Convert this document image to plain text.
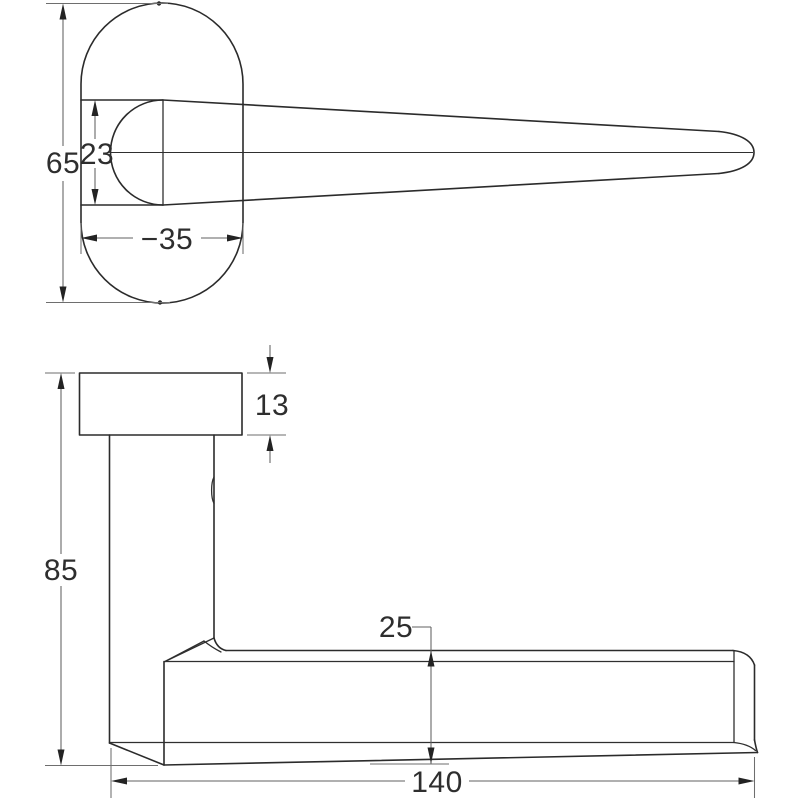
65 23
−35
13
85
25
140
